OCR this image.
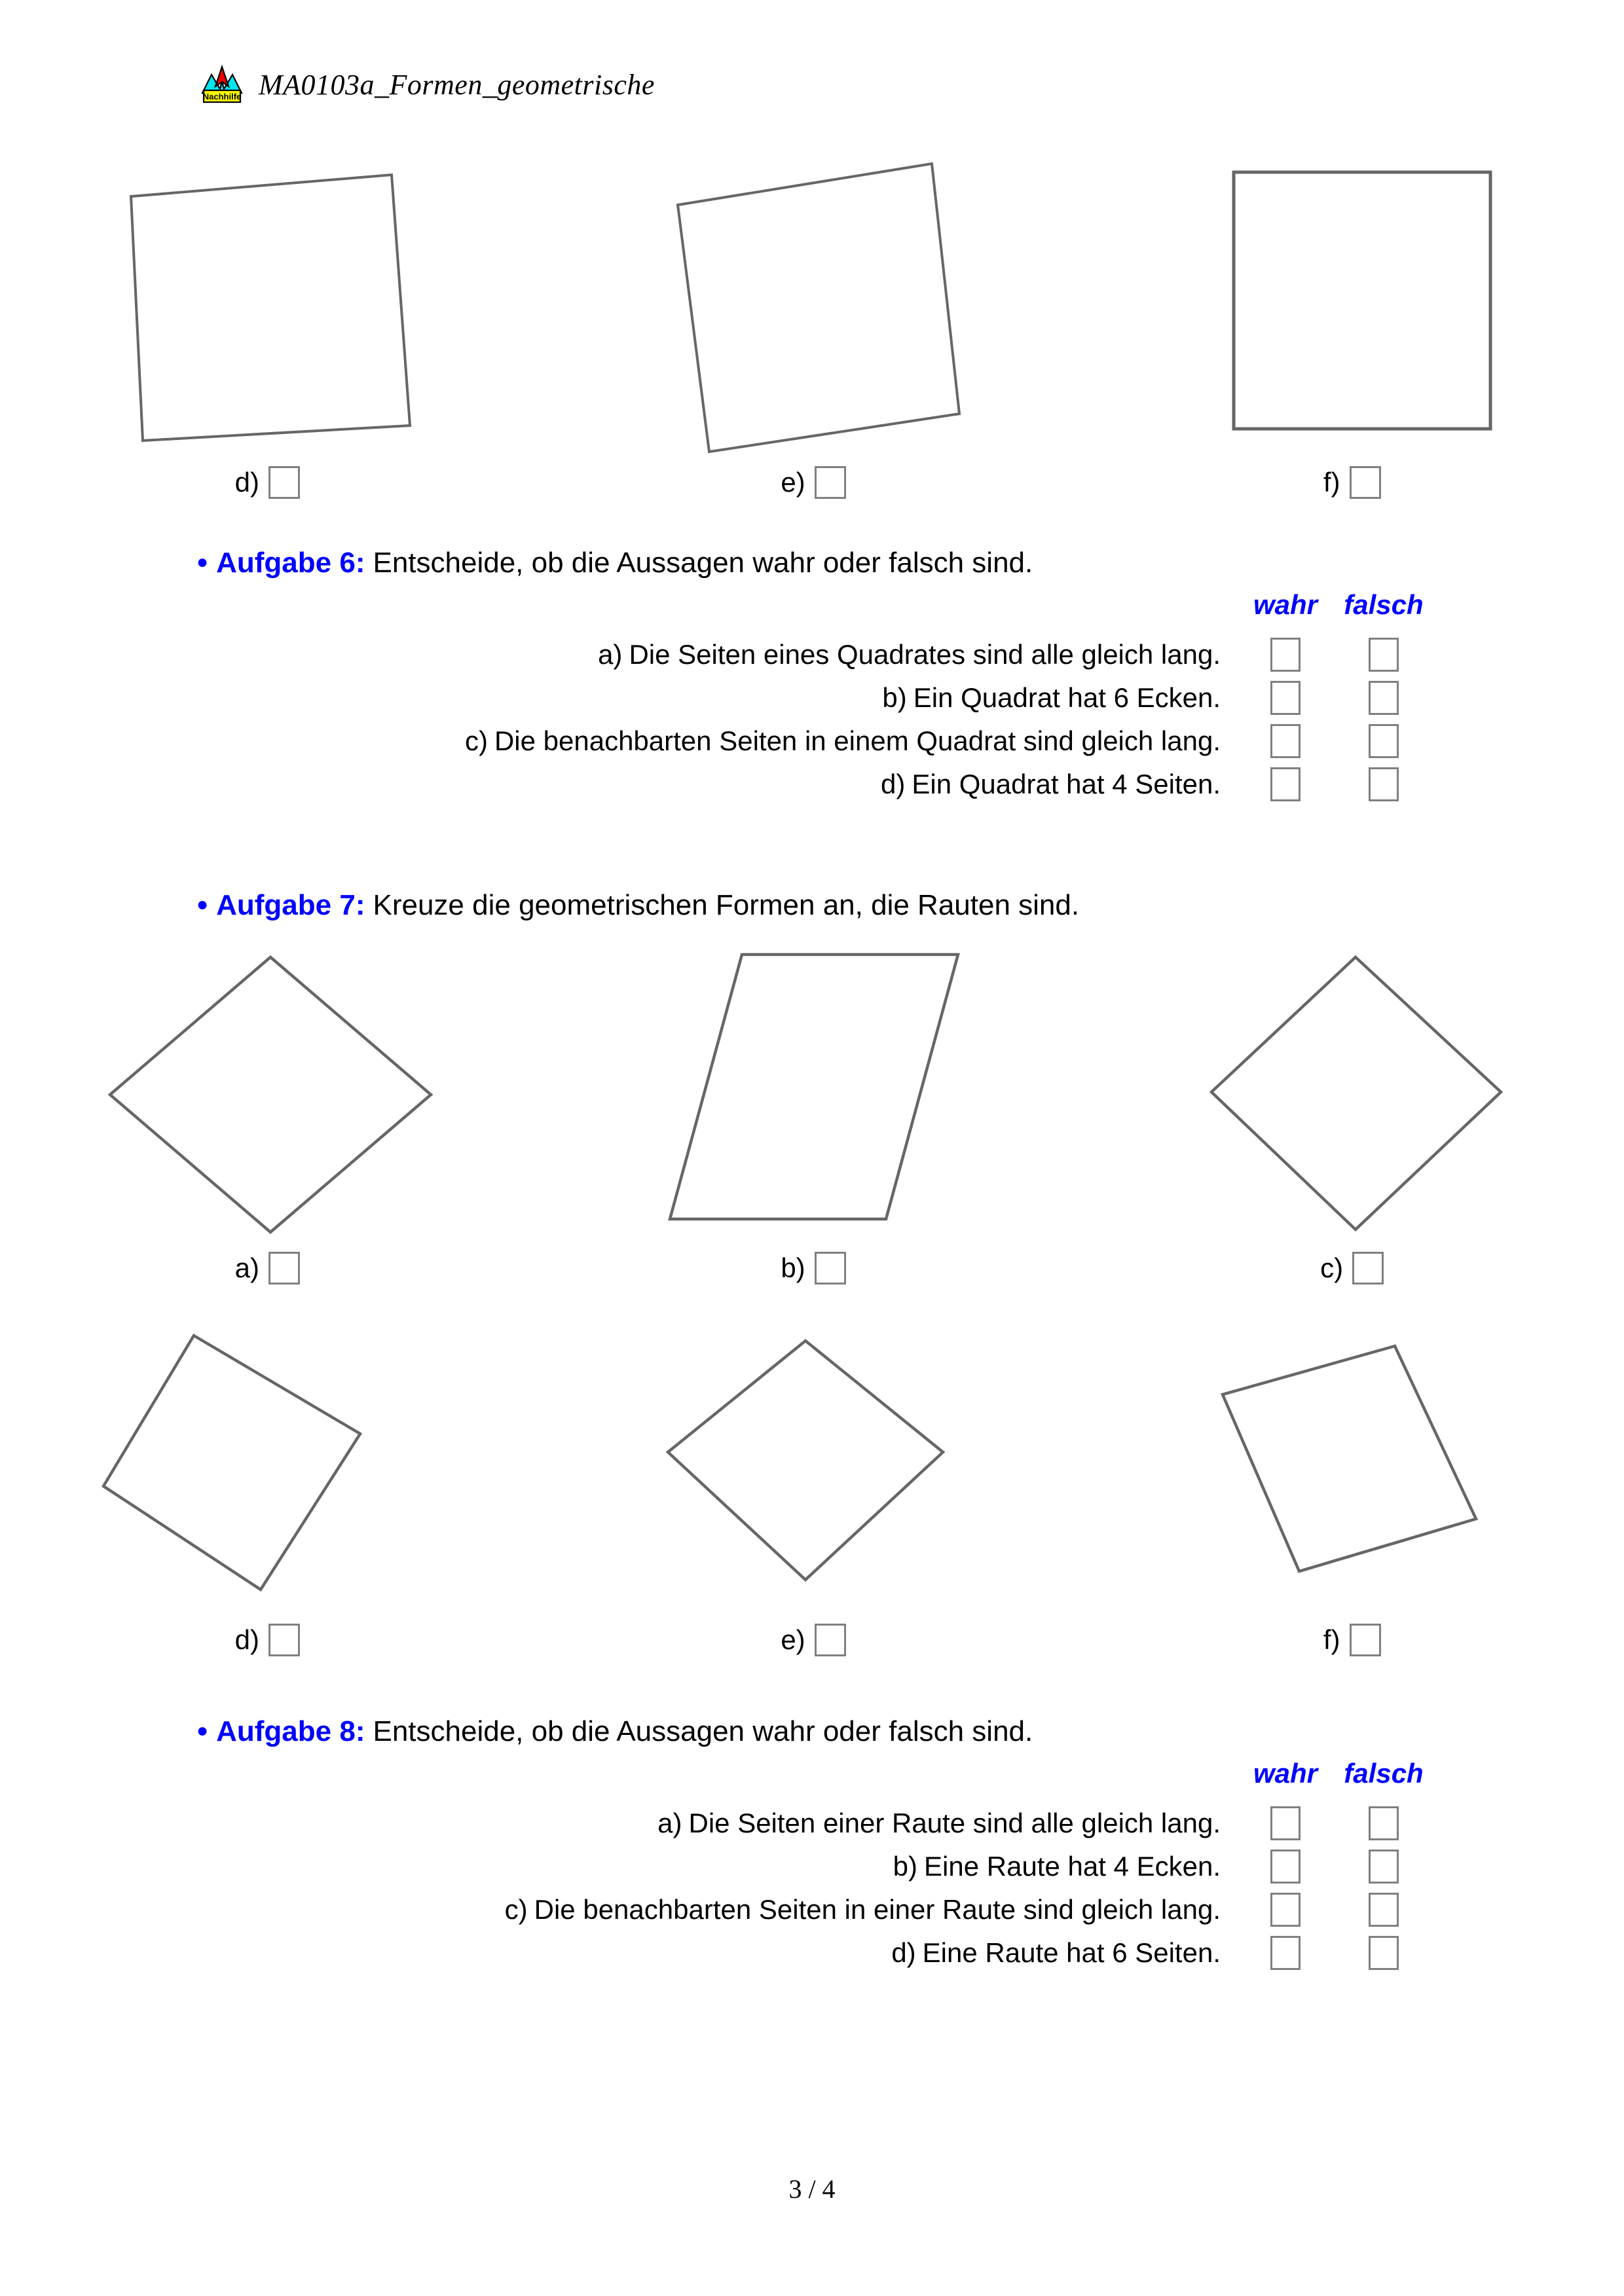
Nachhilfe MA0103a_Formen_geometrische
d)	e)	f)
● Aufgabe 6: Entscheide, ob die Aussagen wahr oder falsch sind.
wahr falsch
a) Die Seiten eines Quadrates sind alle gleich lang.
b) Ein Quadrat hat 6 Ecken.
c) Die benachbarten Seiten in einem Quadrat sind gleich lang.
d) Ein Quadrat hat 4 Seiten.
● Aufgabe 7: Kreuze die geometrischen Formen an, die Rauten sind.
a)	b)	c)
d)	e)	f)
● Aufgabe 8: Entscheide, ob die Aussagen wahr oder falsch sind.
wahr falsch
a) Die Seiten einer Raute sind alle gleich lang.
b) Eine Raute hat 4 Ecken.
c) Die benachbarten Seiten in einer Raute sind gleich lang.
d) Eine Raute hat 6 Seiten.
3 / 4
